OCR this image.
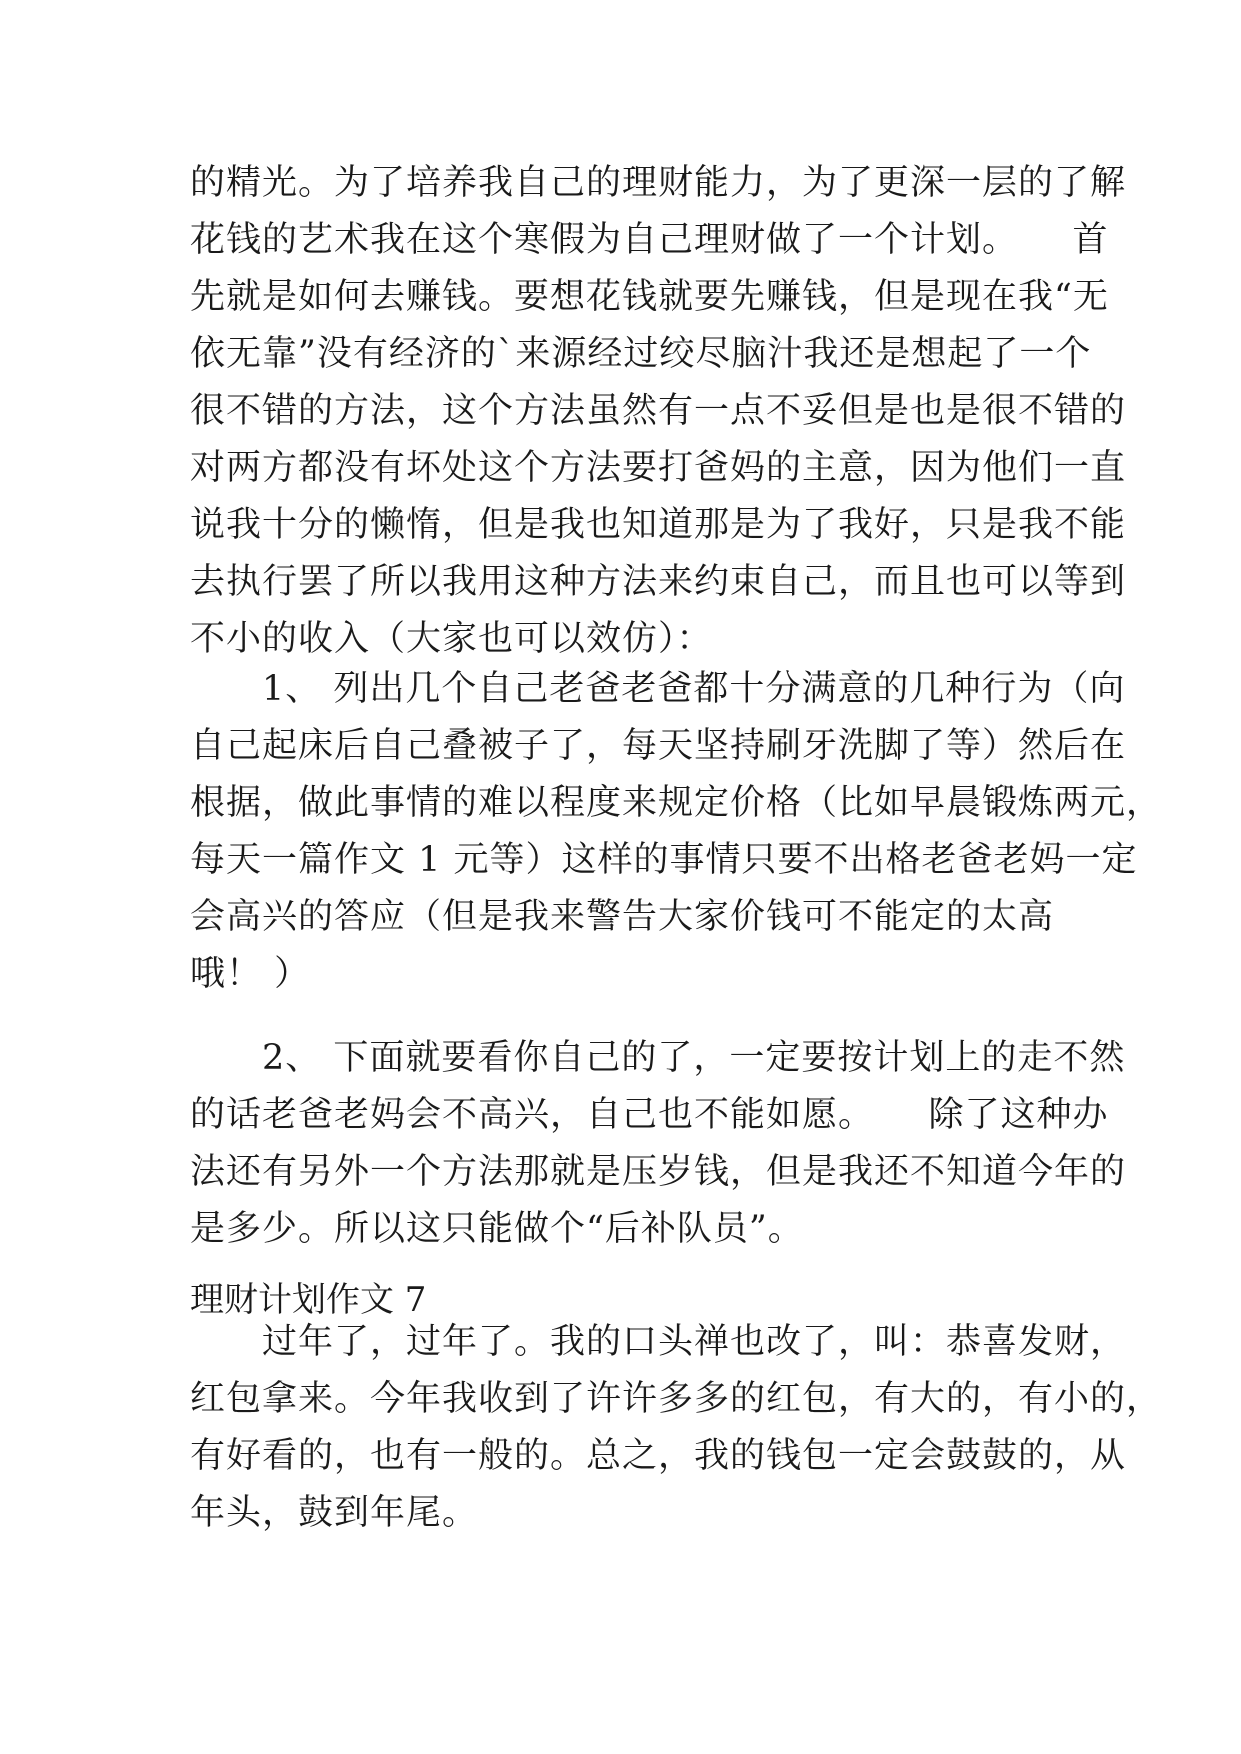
的精光。为了培养我自己的理财能力，为了更深一层的了解
花钱的艺术我在这个寒假为自己理财做了一个计划。　　首
先就是如何去赚钱。要想花钱就要先赚钱，但是现在我“无
依无靠”没有经济的`来源经过绞尽脑汁我还是想起了一个
很不错的方法，这个方法虽然有一点不妥但是也是很不错的
对两方都没有坏处这个方法要打爸妈的主意，因为他们一直
说我十分的懒惰，但是我也知道那是为了我好，只是我不能
去执行罢了所以我用这种方法来约束自己，而且也可以等到
不小的收入（大家也可以效仿）：
　　1、 列出几个自己老爸老爸都十分满意的几种行为（向
自己起床后自己叠被子了，每天坚持刷牙洗脚了等）然后在
根据，做此事情的难以程度来规定价格（比如早晨锻炼两元，
每天一篇作文 1 元等）这样的事情只要不出格老爸老妈一定
会高兴的答应（但是我来警告大家价钱可不能定的太高
哦！ ）
　　2、 下面就要看你自己的了，一定要按计划上的走不然
的话老爸老妈会不高兴，自己也不能如愿。　　除了这种办
法还有另外一个方法那就是压岁钱，但是我还不知道今年的
是多少。所以这只能做个“后补队员”。
理财计划作文 7
　　过年了，过年了。我的口头禅也改了，叫：恭喜发财，
红包拿来。今年我收到了许许多多的红包，有大的，有小的，
有好看的，也有一般的。总之，我的钱包一定会鼓鼓的，从
年头，鼓到年尾。
